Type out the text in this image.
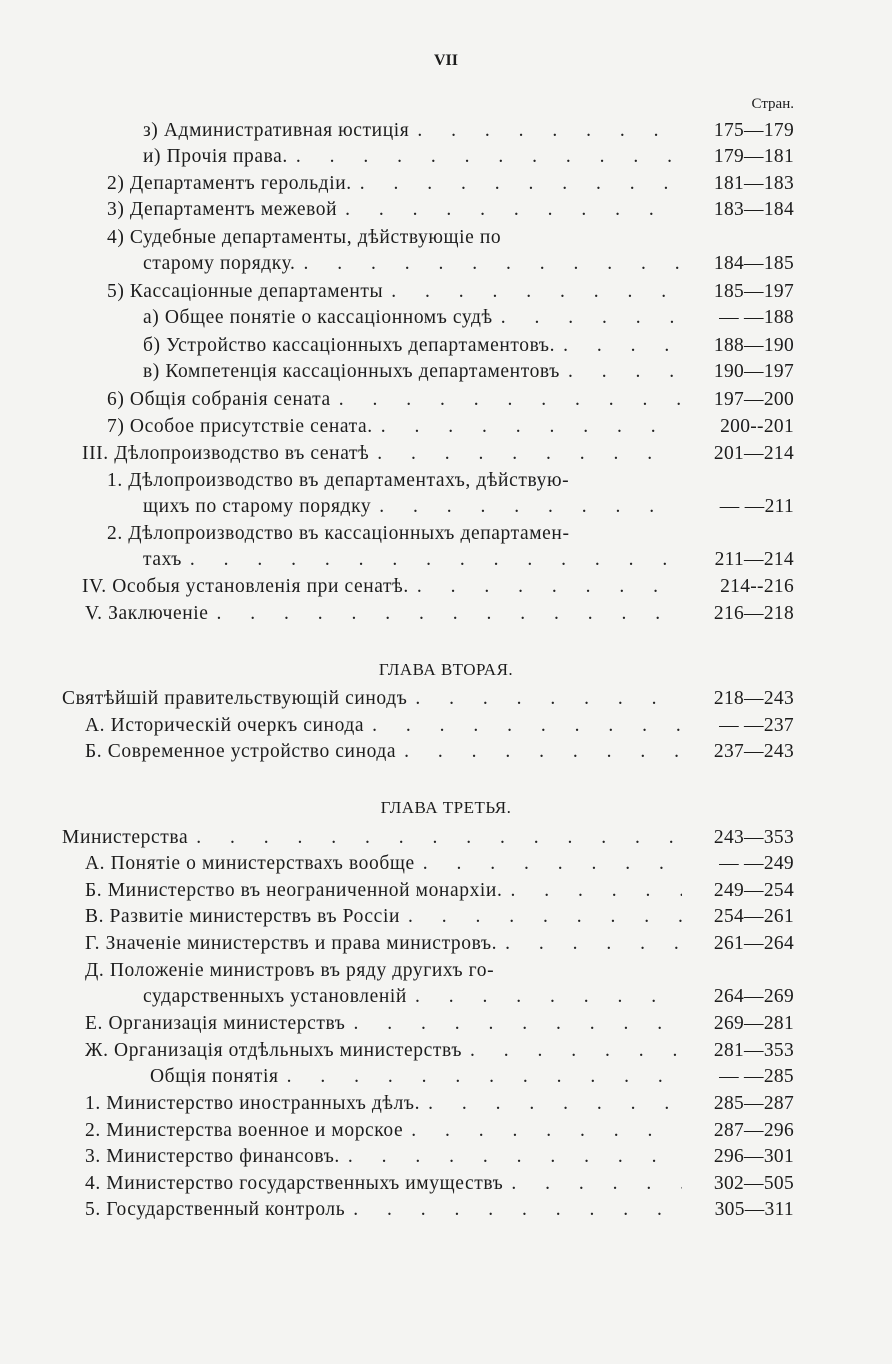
VII
Стран.
з) Административная юстиція . . .	175—179
и) Прочія права. . . .	179—181
2) Департаментъ герольдіи. . . .	181—183
3) Департаментъ межевой . . .	183—184
4) Судебные департаменты, дѣйствующіе по
старому порядку. . . .	184—185
5) Кассаціонные департаменты . . .	185—197
а) Общее понятіе о кассаціонномъ судѣ . . .	— —188
б) Устройство кассаціонныхъ департаментовъ. . . .	188—190
в) Компетенція кассаціонныхъ департаментовъ . . .	190—197
6) Общія собранія сената . . .	197—200
7) Особое присутствіе сената. . . .	200--201
III. Дѣлопроизводство въ сенатѣ . . .	201—214
1. Дѣлопроизводство въ департаментахъ, дѣйствую-
щихъ по старому порядку . . .	— —211
2. Дѣлопроизводство въ кассаціонныхъ департамен-
тахъ . . .	211—214
IV. Особыя установленія при сенатѣ. . . .	214--216
V. Заключеніе . . .	216—218
ГЛАВА ВТОРАЯ.
Святѣйшій правительствующій синодъ . . .	218—243
А. Историческій очеркъ синода . . .	— —237
Б. Современное устройство синода . . .	237—243
ГЛАВА ТРЕТЬЯ.
Министерства . . .	243—353
А. Понятіе о министерствахъ вообще . . .	— —249
Б. Министерство въ неограниченной монархіи. . . .	249—254
В. Развитіе министерствъ въ Россіи . . .	254—261
Г. Значеніе министерствъ и права министровъ. . . .	261—264
Д. Положеніе министровъ въ ряду другихъ го-
сударственныхъ установленій . . .	264—269
Е. Организація министерствъ . . .	269—281
Ж. Организація отдѣльныхъ министерствъ . . .	281—353
Общія понятія . . .	— —285
1. Министерство иностранныхъ дѣлъ. . . .	285—287
2. Министерства военное и морское . . .	287—296
3. Министерство финансовъ. . . .	296—301
4. Министерство государственныхъ имуществъ . . .	302—505
5. Государственный контроль . . .	305—311
